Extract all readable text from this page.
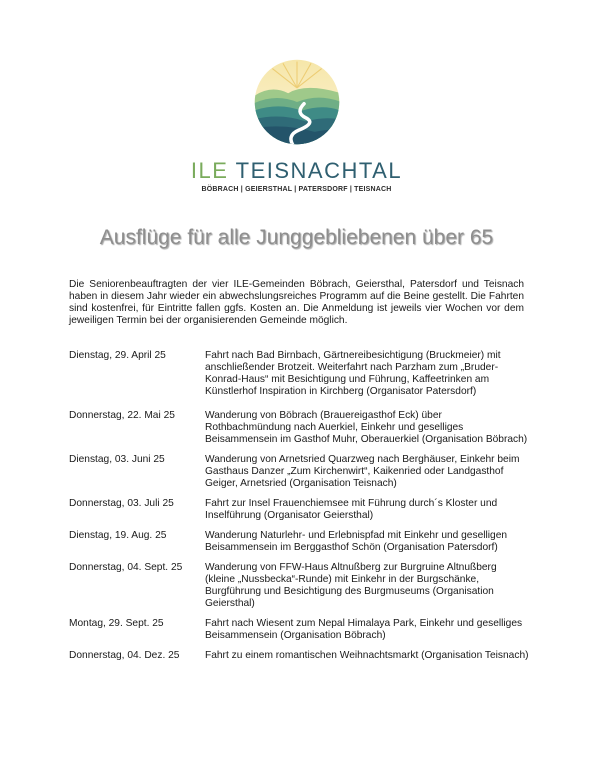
ILE TEISNACHTAL
BÖBRACH | GEIERSTHAL | PATERSDORF | TEISNACH
Ausflüge für alle Junggebliebenen über 65
Die Seniorenbeauftragten der vier ILE-Gemeinden Böbrach, Geiersthal, Patersdorf und Teisnach haben in diesem Jahr wieder ein abwechslungsreiches Programm auf die Beine gestellt. Die Fahrten sind kostenfrei, für Eintritte fallen ggfs. Kosten an. Die Anmeldung ist jeweils vier Wochen vor dem jeweiligen Termin bei der organisierenden Gemeinde möglich.
Dienstag, 29. April 25	Fahrt nach Bad Birnbach, Gärtnereibesichtigung (Bruckmeier) mit anschließender Brotzeit. Weiterfahrt nach Parzham zum „Bruder-Konrad-Haus“ mit Besichtigung und Führung, Kaffeetrinken am Künstlerhof Inspiration in Kirchberg (Organisator Patersdorf)
Donnerstag, 22. Mai 25	Wanderung von Böbrach (Brauereigasthof Eck) über Rothbachmündung nach Auerkiel, Einkehr und geselliges Beisammensein im Gasthof Muhr, Oberauerkiel (Organisation Böbrach)
Dienstag, 03. Juni 25	Wanderung von Arnetsried Quarzweg nach Berghäuser, Einkehr beim Gasthaus Danzer „Zum Kirchenwirt“, Kaikenried oder Landgasthof Geiger, Arnetsried (Organisation Teisnach)
Donnerstag, 03. Juli 25	Fahrt zur Insel Frauenchiemsee mit Führung durch´s Kloster und Inselführung (Organisator Geiersthal)
Dienstag, 19. Aug. 25	Wanderung Naturlehr- und Erlebnispfad mit Einkehr und geselligen Beisammensein im Berggasthof Schön (Organisation Patersdorf)
Donnerstag, 04. Sept. 25	Wanderung von FFW-Haus Altnußberg zur Burgruine Altnußberg (kleine „Nussbecka“-Runde) mit Einkehr in der Burgschänke, Burgführung und Besichtigung des Burgmuseums (Organisation Geiersthal)
Montag, 29. Sept. 25	Fahrt nach Wiesent zum Nepal Himalaya Park, Einkehr und geselliges Beisammensein (Organisation Böbrach)
Donnerstag, 04. Dez. 25	Fahrt zu einem romantischen Weihnachtsmarkt (Organisation Teisnach)
